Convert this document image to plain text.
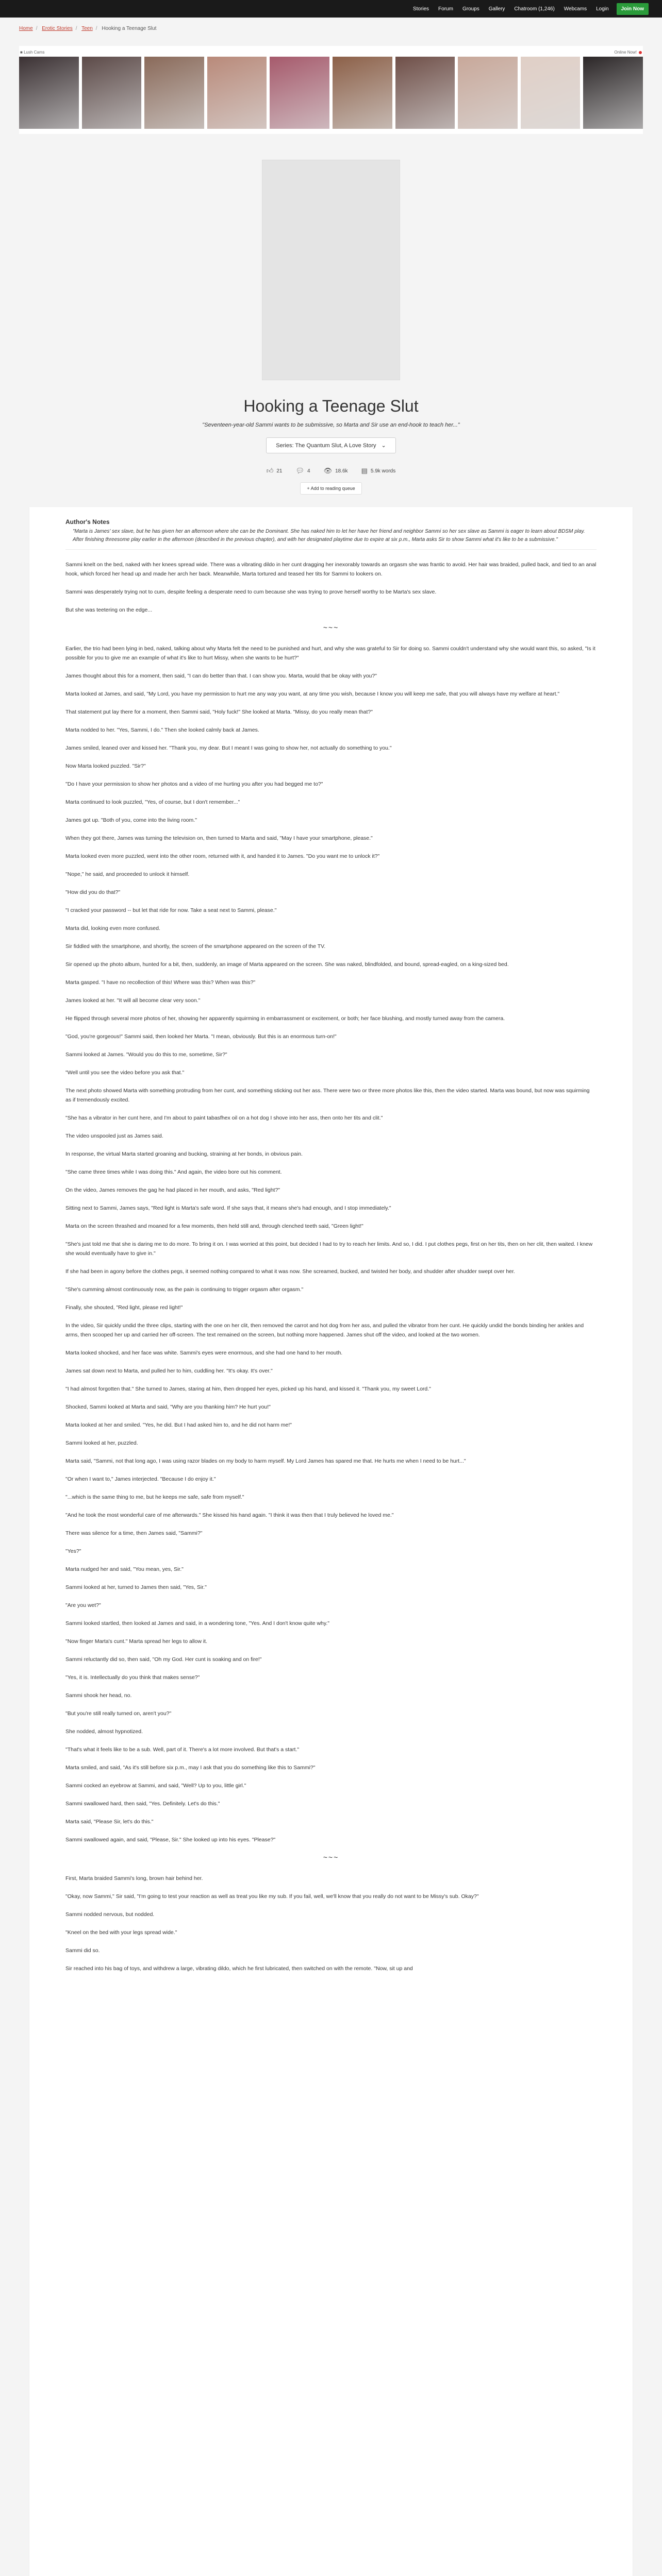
Stories	Forum	Groups	Gallery	Chatroom (1,246)	Webcams	Login	Join Now
Home / Erotic Stories / Teen / Hooking a Teenage Slut
■ Lush Cams	Online Now!
Hooking a Teenage Slut

"Seventeen-year-old Sammi wants to be submissive, so Marta and Sir use an end-hook to teach her..."

Series: The Quantum Slut, A Love Story ⌄
👍︎ 21 💬︎ 4 👁︎ 18.6k ▤ 5.9k words
+ Add to reading queue
Author's Notes
"Marta is James' sex slave, but he has given her an afternoon where she can be the Dominant. She has naked him to let her have her friend and neighbor Sammi so her sex slave as Sammi is eager to learn about BDSM play. After finishing threesome play earlier in the afternoon (described in the previous chapter), and with her designated playtime due to expire at six p.m., Marta asks Sir to show Sammi what it's like to be a submissive."

Sammi knelt on the bed, naked with her knees spread wide. There was a vibrating dildo in her cunt dragging her inexorably towards an orgasm she was frantic to avoid. Her hair was braided, pulled back, and tied to an anal hook, which forced her head up and made her arch her back. Meanwhile, Marta tortured and teased her tits for Sammi to lookers on.

Sammi was desperately trying not to cum, despite feeling a desperate need to cum because she was trying to prove herself worthy to be Marta's sex slave.

But she was teetering on the edge...

~~~

Earlier, the trio had been lying in bed, naked, talking about why Marta felt the need to be punished and hurt, and why she was grateful to Sir for doing so. Sammi couldn't understand why she would want this, so asked, "Is it possible for you to give me an example of what it's like to hurt Missy, when she wants to be hurt?"

James thought about this for a moment, then said, "I can do better than that. I can show you. Marta, would that be okay with you?"

Marta looked at James, and said, "My Lord, you have my permission to hurt me any way you want, at any time you wish, because I know you will keep me safe, that you will always have my welfare at heart."

That statement put lay there for a moment, then Sammi said, "Holy fuck!" She looked at Marta. "Missy, do you really mean that?"

Marta nodded to her. "Yes, Sammi, I do." Then she looked calmly back at James.

James smiled, leaned over and kissed her. "Thank you, my dear. But I meant I was going to show her, not actually do something to you."

Now Marta looked puzzled. "Sir?"

"Do I have your permission to show her photos and a video of me hurting you after you had begged me to?"

Marta continued to look puzzled, "Yes, of course, but I don't remember..."

James got up. "Both of you, come into the living room."

When they got there, James was turning the television on, then turned to Marta and said, "May I have your smartphone, please."

Marta looked even more puzzled, went into the other room, returned with it, and handed it to James. "Do you want me to unlock it?"

"Nope," he said, and proceeded to unlock it himself.

"How did you do that?"

"I cracked your password -- but let that ride for now. Take a seat next to Sammi, please."

Marta did, looking even more confused.

Sir fiddled with the smartphone, and shortly, the screen of the smartphone appeared on the screen of the TV.

Sir opened up the photo album, hunted for a bit, then, suddenly, an image of Marta appeared on the screen. She was naked, blindfolded, and bound, spread-eagled, on a king-sized bed.

Marta gasped. "I have no recollection of this! Where was this? When was this?"

James looked at her. "It will all become clear very soon."

He flipped through several more photos of her, showing her apparently squirming in embarrassment or excitement, or both; her face blushing, and mostly turned away from the camera.

"God, you're gorgeous!" Sammi said, then looked her Marta. "I mean, obviously. But this is an enormous turn-on!"

Sammi looked at James. "Would you do this to me, sometime, Sir?"

"Well until you see the video before you ask that."

The next photo showed Marta with something protruding from her cunt, and something sticking out her ass. There were two or three more photos like this, then the video started. Marta was bound, but now was squirming as if tremendously excited.

"She has a vibrator in her cunt here, and I'm about to paint tabasfhex oil on a hot dog I shove into her ass, then onto her tits and clit."

The video unspooled just as James said.

In response, the virtual Marta started groaning and bucking, straining at her bonds, in obvious pain.

"She came three times while I was doing this." And again, the video bore out his comment.

On the video, James removes the gag he had placed in her mouth, and asks, "Red light?"

Sitting next to Sammi, James says, "Red light is Marta's safe word. If she says that, it means she's had enough, and I stop immediately."

Marta on the screen thrashed and moaned for a few moments, then held still and, through clenched teeth said, "Green light!"

"She's just told me that she is daring me to do more. To bring it on. I was worried at this point, but decided I had to try to reach her limits. And so, I did. I put clothes pegs, first on her tits, then on her clit, then waited. I knew she would eventually have to give in."

If she had been in agony before the clothes pegs, it seemed nothing compared to what it was now. She screamed, bucked, and twisted her body, and shudder after shudder swept over her.

"She's cumming almost continuously now, as the pain is continuing to trigger orgasm after orgasm."

Finally, she shouted, "Red light, please red light!"

In the video, Sir quickly undid the three clips, starting with the one on her clit, then removed the carrot and hot dog from her ass, and pulled the vibrator from her cunt. He quickly undid the bonds binding her ankles and arms, then scooped her up and carried her off-screen. The text remained on the screen, but nothing more happened. James shut off the video, and looked at the two women.

Marta looked shocked, and her face was white. Sammi's eyes were enormous, and she had one hand to her mouth.

James sat down next to Marta, and pulled her to him, cuddling her. "It's okay. It's over."

"I had almost forgotten that." She turned to James, staring at him, then dropped her eyes, picked up his hand, and kissed it. "Thank you, my sweet Lord."

Shocked, Sammi looked at Marta and said, "Why are you thanking him? He hurt you!"

Marta looked at her and smiled. "Yes, he did. But I had asked him to, and he did not harm me!"

Sammi looked at her, puzzled.

Marta said, "Sammi, not that long ago, I was using razor blades on my body to harm myself. My Lord James has spared me that. He hurts me when I need to be hurt..."

"Or when I want to," James interjected. "Because I do enjoy it."

"...which is the same thing to me, but he keeps me safe, safe from myself."

"And he took the most wonderful care of me afterwards." She kissed his hand again. "I think it was then that I truly believed he loved me."

There was silence for a time, then James said, "Sammi?"

"Yes?"

Marta nudged her and said, "You mean, yes, Sir."

Sammi looked at her, turned to James then said, "Yes, Sir."

"Are you wet?"

Sammi looked startled, then looked at James and said, in a wondering tone, "Yes. And I don't know quite why."

"Now finger Marta's cunt." Marta spread her legs to allow it.

Sammi reluctantly did so, then said, "Oh my God. Her cunt is soaking and on fire!"

"Yes, it is. Intellectually do you think that makes sense?"

Sammi shook her head, no.

"But you're still really turned on, aren't you?"

She nodded, almost hypnotized.

"That's what it feels like to be a sub. Well, part of it. There's a lot more involved. But that's a start."

Marta smiled, and said, "As it's still before six p.m., may I ask that you do something like this to Sammi?"

Sammi cocked an eyebrow at Sammi, and said, "Well? Up to you, little girl."

Sammi swallowed hard, then said, "Yes. Definitely. Let's do this."

Marta said, "Please Sir, let's do this."

Sammi swallowed again, and said, "Please, Sir." She looked up into his eyes. "Please?"

~~~

First, Marta braided Sammi's long, brown hair behind her.

"Okay, now Sammi," Sir said, "I'm going to test your reaction as well as treat you like my sub. If you fail, well, we'll know that you really do not want to be Missy's sub. Okay?"

Sammi nodded nervous, but nodded.

"Kneel on the bed with your legs spread wide."

Sammi did so.

Sir reached into his bag of toys, and withdrew a large, vibrating dildo, which he first lubricated, then switched on with the remote. "Now, sit up and
